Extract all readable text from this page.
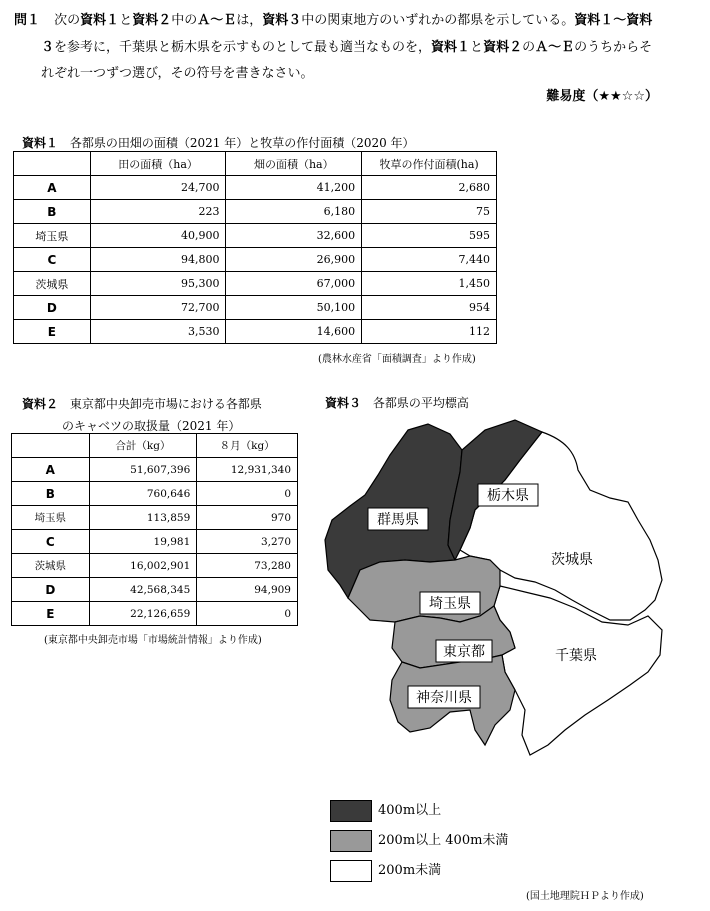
問１ 次の資料１と資料２中のＡ～Ｅは，資料３中の関東地方のいずれかの都県を示している。資料１～資料
３を参考に，千葉県と栃木県を示すものとして最も適当なものを，資料１と資料２のＡ～Ｅのうちからそ
れぞれ一つずつ選び，その符号を書きなさい。
難易度（★★☆☆）
資料１ 各都県の田畑の面積（2021 年）と牧草の作付面積（2020 年）
	田の面積（ha）	畑の面積（ha）	牧草の作付面積(ha)
A	24,700	41,200	2,680
B	223	6,180	75
埼玉県	40,900	32,600	595
C	94,800	26,900	7,440
茨城県	95,300	67,000	1,450
D	72,700	50,100	954
E	3,530	14,600	112
(農林水産省「面積調査」より作成)
資料２ 東京都中央卸売市場における各都県
のキャベツの取扱量（2021 年）
	合計（kg）	８月（kg）
A	51,607,396	12,931,340
B	760,646	0
埼玉県	113,859	970
C	19,981	3,270
茨城県	16,002,901	73,280
D	42,568,345	94,909
E	22,126,659	0
(東京都中央卸売市場「市場統計情報」より作成)
資料３ 各都県の平均標高
群馬県
栃木県
茨城県
埼玉県
東京都	千葉県
神奈川県
400m以上
200m以上 400m未満
200m未満
(国土地理院ＨＰより作成)
